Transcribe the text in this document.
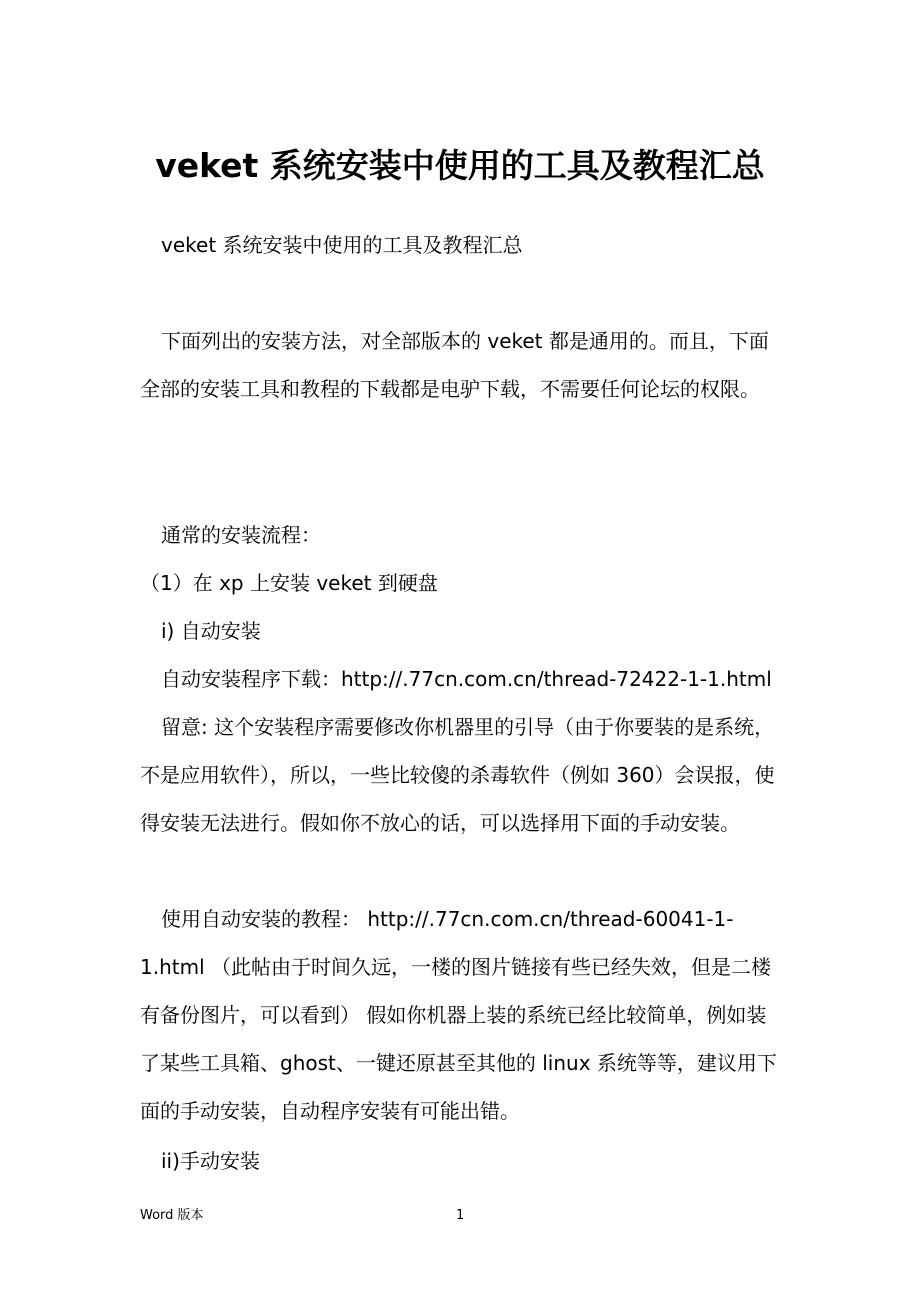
veket 系统安装中使用的工具及教程汇总
veket 系统安装中使用的工具及教程汇总

下面列出的安装方法，对全部版本的 veket 都是通用的。而且，下面全部的安装工具和教程的下载都是电驴下载，不需要任何论坛的权限。

通常的安装流程：
（1）在 xp 上安装 veket 到硬盘
i) 自动安装
自动安装程序下载：http://.77cn.com.cn/thread-72422-1-1.html

留意: 这个安装程序需要修改你机器里的引导（由于你要装的是系统，不是应用软件），所以，一些比较傻的杀毒软件（例如 360）会误报，使得安装无法进行。假如你不放心的话，可以选择用下面的手动安装。

使用自动安装的教程： http://.77cn.com.cn/thread-60041-1-1.html （此帖由于时间久远，一楼的图片链接有些已经失效，但是二楼有备份图片，可以看到） 假如你机器上装的系统已经比较简单，例如装了某些工具箱、ghost、一键还原甚至其他的 linux 系统等等，建议用下面的手动安装，自动程序安装有可能出错。

ii)手动安装
Word 版本	1
